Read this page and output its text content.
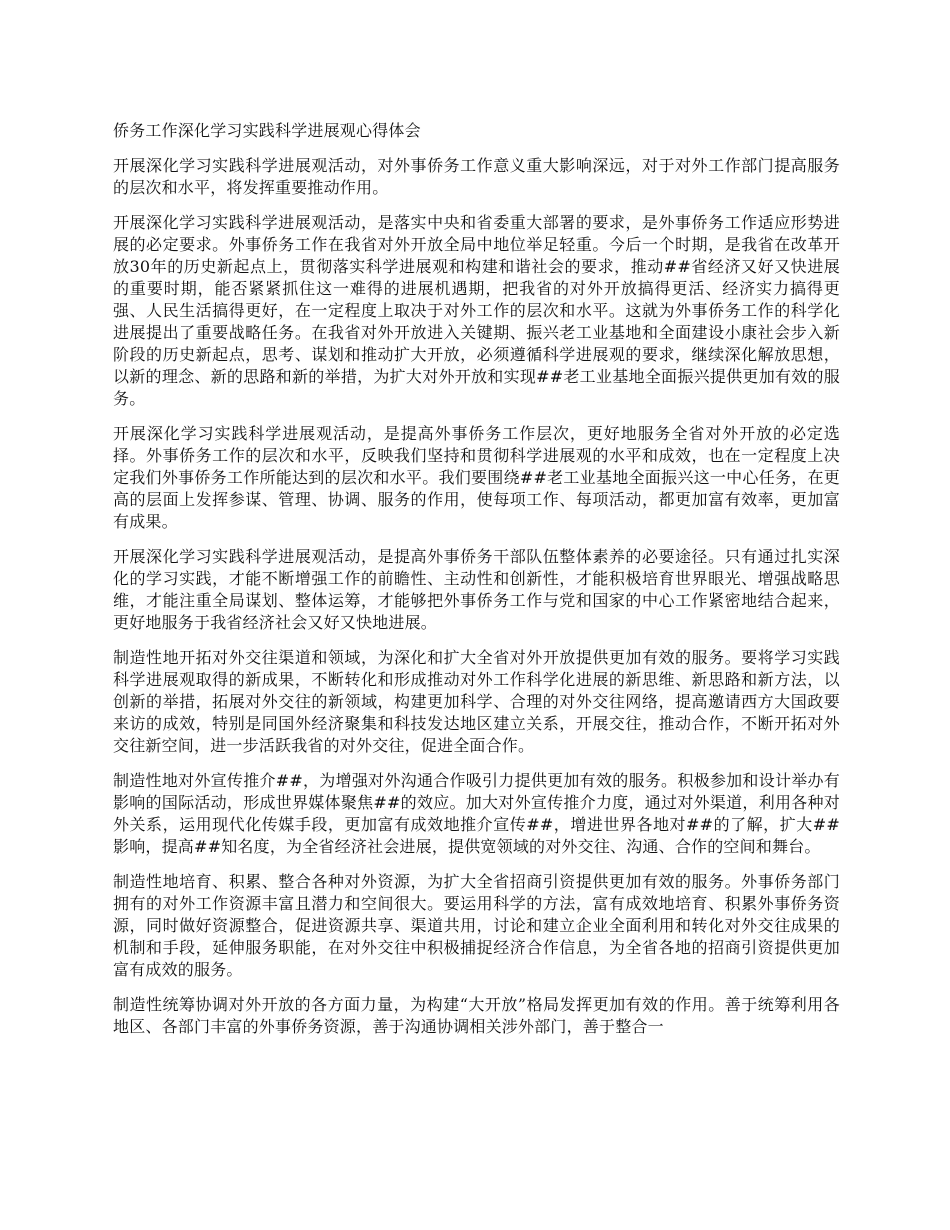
侨务工作深化学习实践科学进展观心得体会

开展深化学习实践科学进展观活动，对外事侨务工作意义重大影响深远，对于对外工作部门提高服务的层次和水平，将发挥重要推动作用。

开展深化学习实践科学进展观活动，是落实中央和省委重大部署的要求，是外事侨务工作适应形势进展的必定要求。外事侨务工作在我省对外开放全局中地位举足轻重。今后一个时期，是我省在改革开放30年的历史新起点上，贯彻落实科学进展观和构建和谐社会的要求，推动##省经济又好又快进展的重要时期，能否紧紧抓住这一难得的进展机遇期，把我省的对外开放搞得更活、经济实力搞得更强、人民生活搞得更好，在一定程度上取决于对外工作的层次和水平。这就为外事侨务工作的科学化进展提出了重要战略任务。在我省对外开放进入关键期、振兴老工业基地和全面建设小康社会步入新阶段的历史新起点，思考、谋划和推动扩大开放，必须遵循科学进展观的要求，继续深化解放思想，以新的理念、新的思路和新的举措，为扩大对外开放和实现##老工业基地全面振兴提供更加有效的服务。

开展深化学习实践科学进展观活动，是提高外事侨务工作层次，更好地服务全省对外开放的必定选择。外事侨务工作的层次和水平，反映我们坚持和贯彻科学进展观的水平和成效，也在一定程度上决定我们外事侨务工作所能达到的层次和水平。我们要围绕##老工业基地全面振兴这一中心任务，在更高的层面上发挥参谋、管理、协调、服务的作用，使每项工作、每项活动，都更加富有效率，更加富有成果。

开展深化学习实践科学进展观活动，是提高外事侨务干部队伍整体素养的必要途径。只有通过扎实深化的学习实践，才能不断增强工作的前瞻性、主动性和创新性，才能积极培育世界眼光、增强战略思维，才能注重全局谋划、整体运筹，才能够把外事侨务工作与党和国家的中心工作紧密地结合起来，更好地服务于我省经济社会又好又快地进展。

制造性地开拓对外交往渠道和领域，为深化和扩大全省对外开放提供更加有效的服务。要将学习实践科学进展观取得的新成果，不断转化和形成推动对外工作科学化进展的新思维、新思路和新方法，以创新的举措，拓展对外交往的新领域，构建更加科学、合理的对外交往网络，提高邀请西方大国政要来访的成效，特别是同国外经济聚集和科技发达地区建立关系，开展交往，推动合作，不断开拓对外交往新空间，进一步活跃我省的对外交往，促进全面合作。

制造性地对外宣传推介##，为增强对外沟通合作吸引力提供更加有效的服务。积极参加和设计举办有影响的国际活动，形成世界媒体聚焦##的效应。加大对外宣传推介力度，通过对外渠道，利用各种对外关系，运用现代化传媒手段，更加富有成效地推介宣传##，增进世界各地对##的了解，扩大##影响，提高##知名度，为全省经济社会进展，提供宽领域的对外交往、沟通、合作的空间和舞台。

制造性地培育、积累、整合各种对外资源，为扩大全省招商引资提供更加有效的服务。外事侨务部门拥有的对外工作资源丰富且潜力和空间很大。要运用科学的方法，富有成效地培育、积累外事侨务资源，同时做好资源整合，促进资源共享、渠道共用，讨论和建立企业全面利用和转化对外交往成果的机制和手段，延伸服务职能，在对外交往中积极捕捉经济合作信息，为全省各地的招商引资提供更加富有成效的服务。

制造性统筹协调对外开放的各方面力量，为构建“大开放”格局发挥更加有效的作用。善于统筹利用各地区、各部门丰富的外事侨务资源，善于沟通协调相关涉外部门，善于整合一
